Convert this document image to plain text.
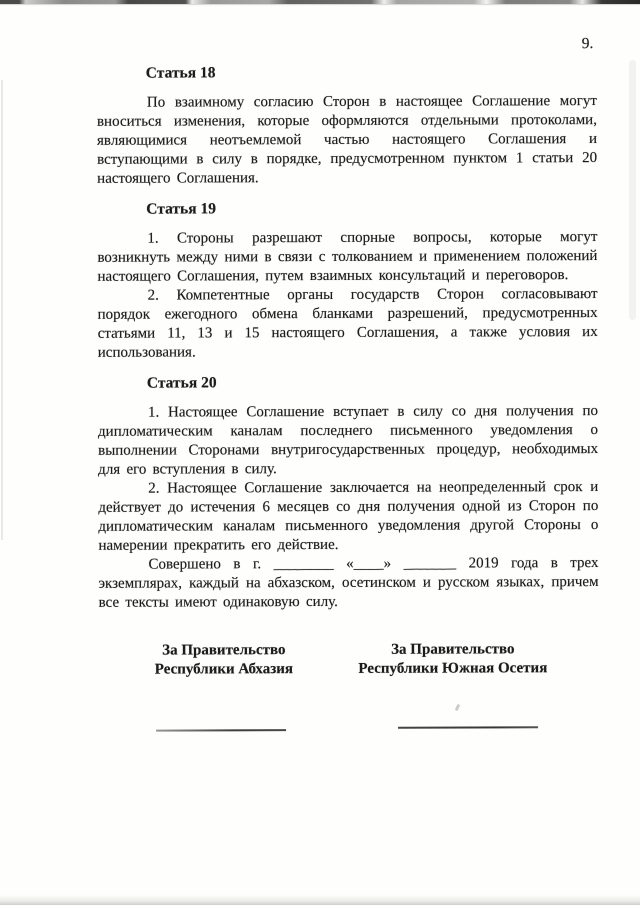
9.
Статья 18

По взаимному согласию Сторон в настоящее Соглашение могут вноситься изменения, которые оформляются отдельными протоколами, являющимися неотъемлемой частью настоящего Соглашения и вступающими в силу в порядке, предусмотренном пунктом 1 статьи 20 настоящего Соглашения.

Статья 19

1. Стороны разрешают спорные вопросы, которые могут возникнуть между ними в связи с толкованием и применением положений настоящего Соглашения, путем взаимных консультаций и переговоров.

2. Компетентные органы государств Сторон согласовывают порядок ежегодного обмена бланками разрешений, предусмотренных статьями 11, 13 и 15 настоящего Соглашения, а также условия их использования.

Статья 20

1. Настоящее Соглашение вступает в силу со дня получения по дипломатическим каналам последнего письменного уведомления о выполнении Сторонами внутригосударственных процедур, необходимых для его вступления в силу.

2. Настоящее Соглашение заключается на неопределенный срок и действует до истечения 6 месяцев со дня получения одной из Сторон по дипломатическим каналам письменного уведомления другой Стороны о намерении прекратить его действие.

Совершено в г. ________ «____» _______ 2019 года в трех экземплярах, каждый на абхазском, осетинском и русском языках, причем все тексты имеют одинаковую силу.

За Правительство
Республики Абхазия
За Правительство
Республики Южная Осетия
